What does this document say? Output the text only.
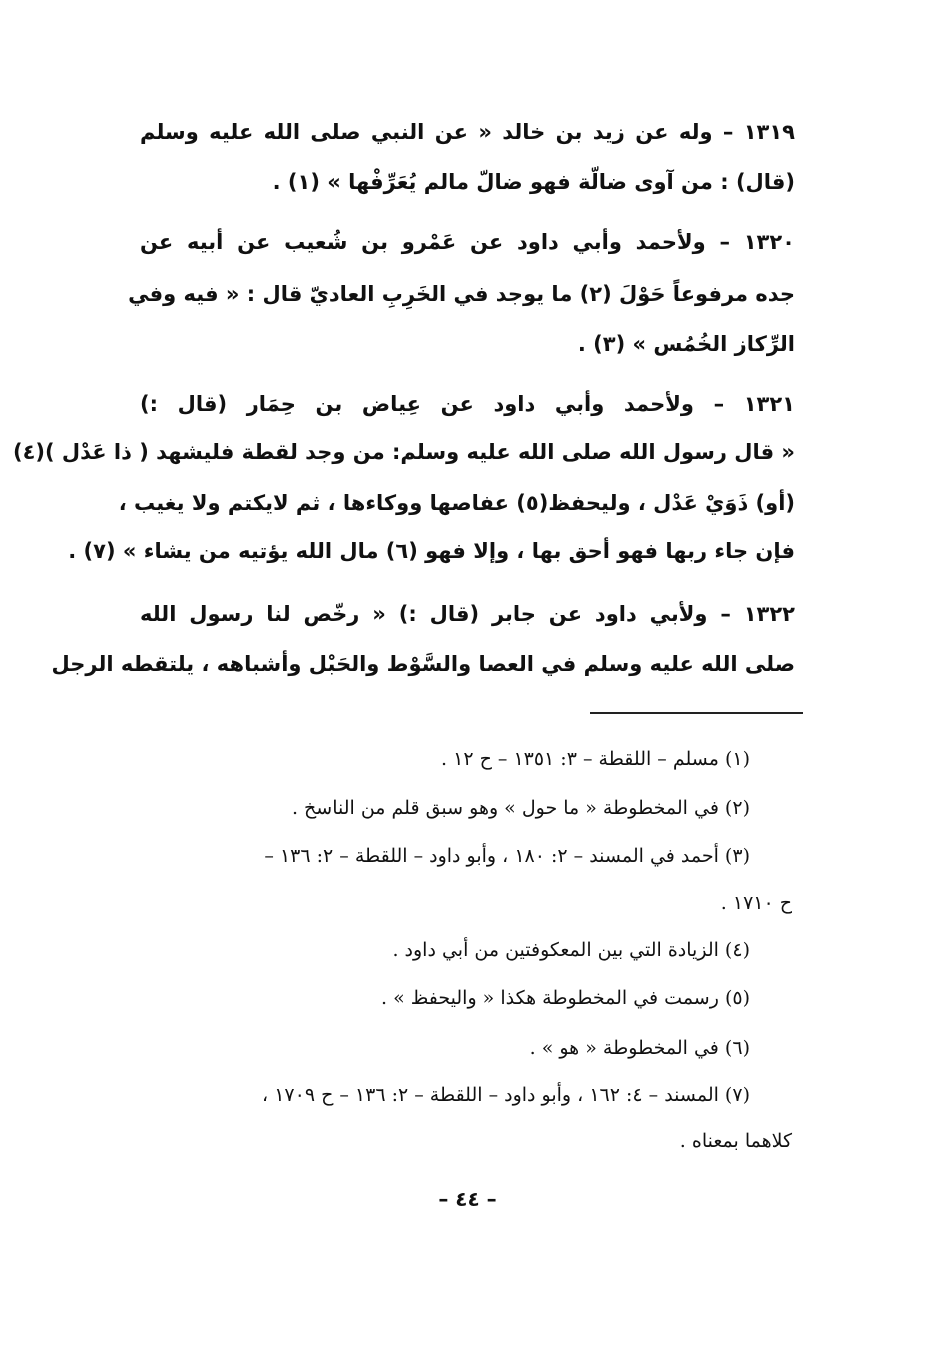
١٣١٩ – وله عن زيد بن خالد « عن النبي صلى الله عليه وسلم
(قال) : من آوى ضالّة فهو ضالّ مالم يُعَرِّفْها » (١) .
١٣٢٠ – ولأحمد وأبي داود عن عَمْرو بن شُعيب عن أبيه عن
جده مرفوعاً حَوْلَ (٢) ما يوجد في الخَرِبِ العاديّ قال : « فيه وفي
الرِّكاز الخُمُس » (٣) .
١٣٢١ – ولأحمد وأبي داود عن عِياض بن حِمَار (قال :)
« قال رسول الله صلى الله عليه وسلم: من وجد لقطة فليشهد ( ذا عَدْل )(٤)
(أو) ذَوَيْ عَدْل ، وليحفظ(٥) عفاصها ووكاءها ، ثم لايكتم ولا يغيب ،
فإن جاء ربها فهو أحق بها ، وإلا فهو (٦) مال الله يؤتيه من يشاء » (٧) .
١٣٢٢ – ولأبي داود عن جابر (قال :) « رخّص لنا رسول الله
صلى الله عليه وسلم في العصا والسَّوْط والحَبْل وأشباهه ، يلتقطه الرجل
(١) مسلم – اللقطة – ٣: ١٣٥١ – ح ١٢ .
(٢) في المخطوطة « ما حول » وهو سبق قلم من الناسخ .
(٣) أحمد في المسند – ٢: ١٨٠ ، وأبو داود – اللقطة – ٢: ١٣٦ –
ح ١٧١٠ .
(٤) الزيادة التي بين المعكوفتين من أبي داود .
(٥) رسمت في المخطوطة هكذا « واليحفظ » .
(٦) في المخطوطة « هو » .
(٧) المسند – ٤: ١٦٢ ، وأبو داود – اللقطة – ٢: ١٣٦ – ح ١٧٠٩ ،
كلاهما بمعناه .
– ٤٤ –
